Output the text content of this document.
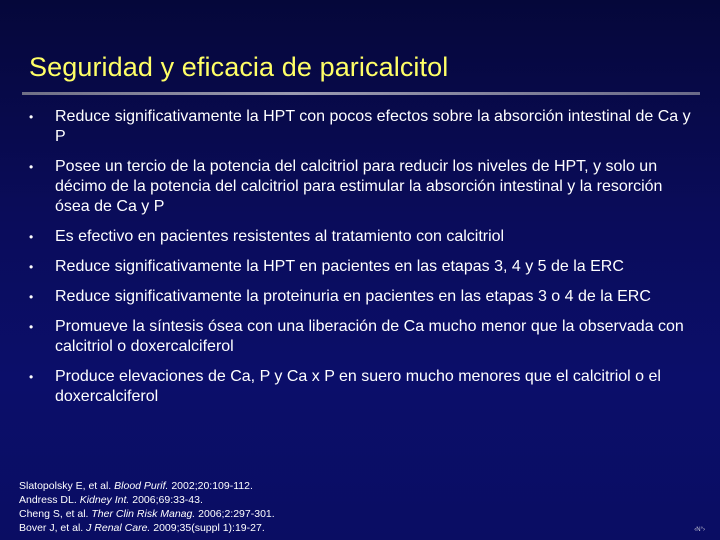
Seguridad y eficacia de paricalcitol
• Reduce significativamente la HPT con pocos efectos sobre la absorción intestinal de Ca y P
• Posee un tercio de la potencia del calcitriol para reducir los niveles de HPT, y solo un décimo de la potencia del calcitriol para estimular la absorción intestinal y la resorción ósea de Ca y P
• Es efectivo en pacientes resistentes al tratamiento con calcitriol
• Reduce significativamente la HPT en pacientes en las etapas 3, 4 y 5 de la ERC
• Reduce significativamente la proteinuria en pacientes en las etapas 3 o 4 de la ERC
• Promueve la síntesis ósea con una liberación de Ca mucho menor que la observada con calcitriol o doxercalciferol
• Produce elevaciones de Ca, P y Ca x P en suero mucho menores que el calcitriol o el doxercalciferol
Slatopolsky E, et al. Blood Purif. 2002;20:109-112.
Andress DL. Kidney Int. 2006;69:33-43.
Cheng S, et al. Ther Clin Risk Manag. 2006;2:297-301.
Bover J, et al. J Renal Care. 2009;35(suppl 1):19-27.	‹N°›
